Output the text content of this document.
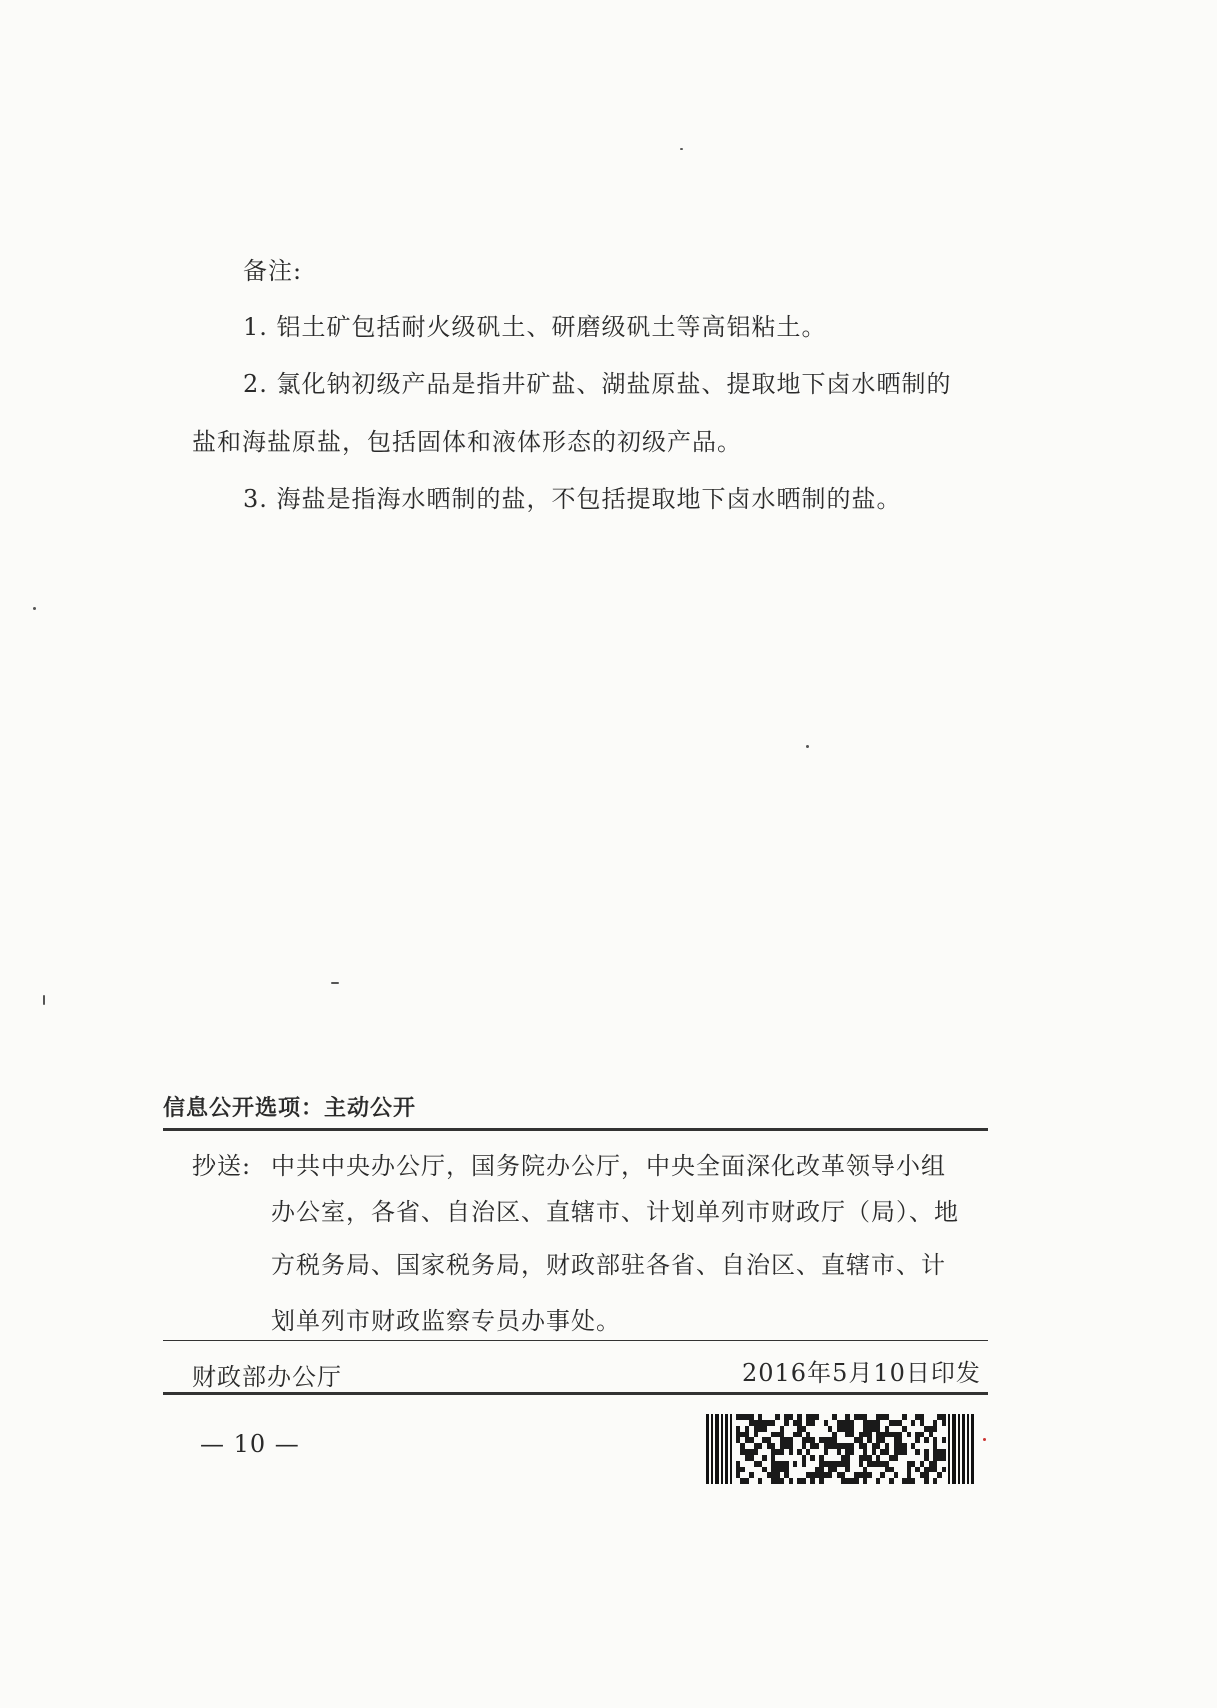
备注:
1. 铝土矿包括耐火级矾土、研磨级矾土等高铝粘土。
2. 氯化钠初级产品是指井矿盐、湖盐原盐、提取地下卤水晒制的
盐和海盐原盐，包括固体和液体形态的初级产品。
3. 海盐是指海水晒制的盐，不包括提取地下卤水晒制的盐。
信息公开选项：主动公开
抄送: 中共中央办公厅，国务院办公厅，中央全面深化改革领导小组
办公室，各省、自治区、直辖市、计划单列市财政厅（局）、地
方税务局、国家税务局，财政部驻各省、自治区、直辖市、计
划单列市财政监察专员办事处。
财政部办公厅	2016年5月10日印发
— 10 —
